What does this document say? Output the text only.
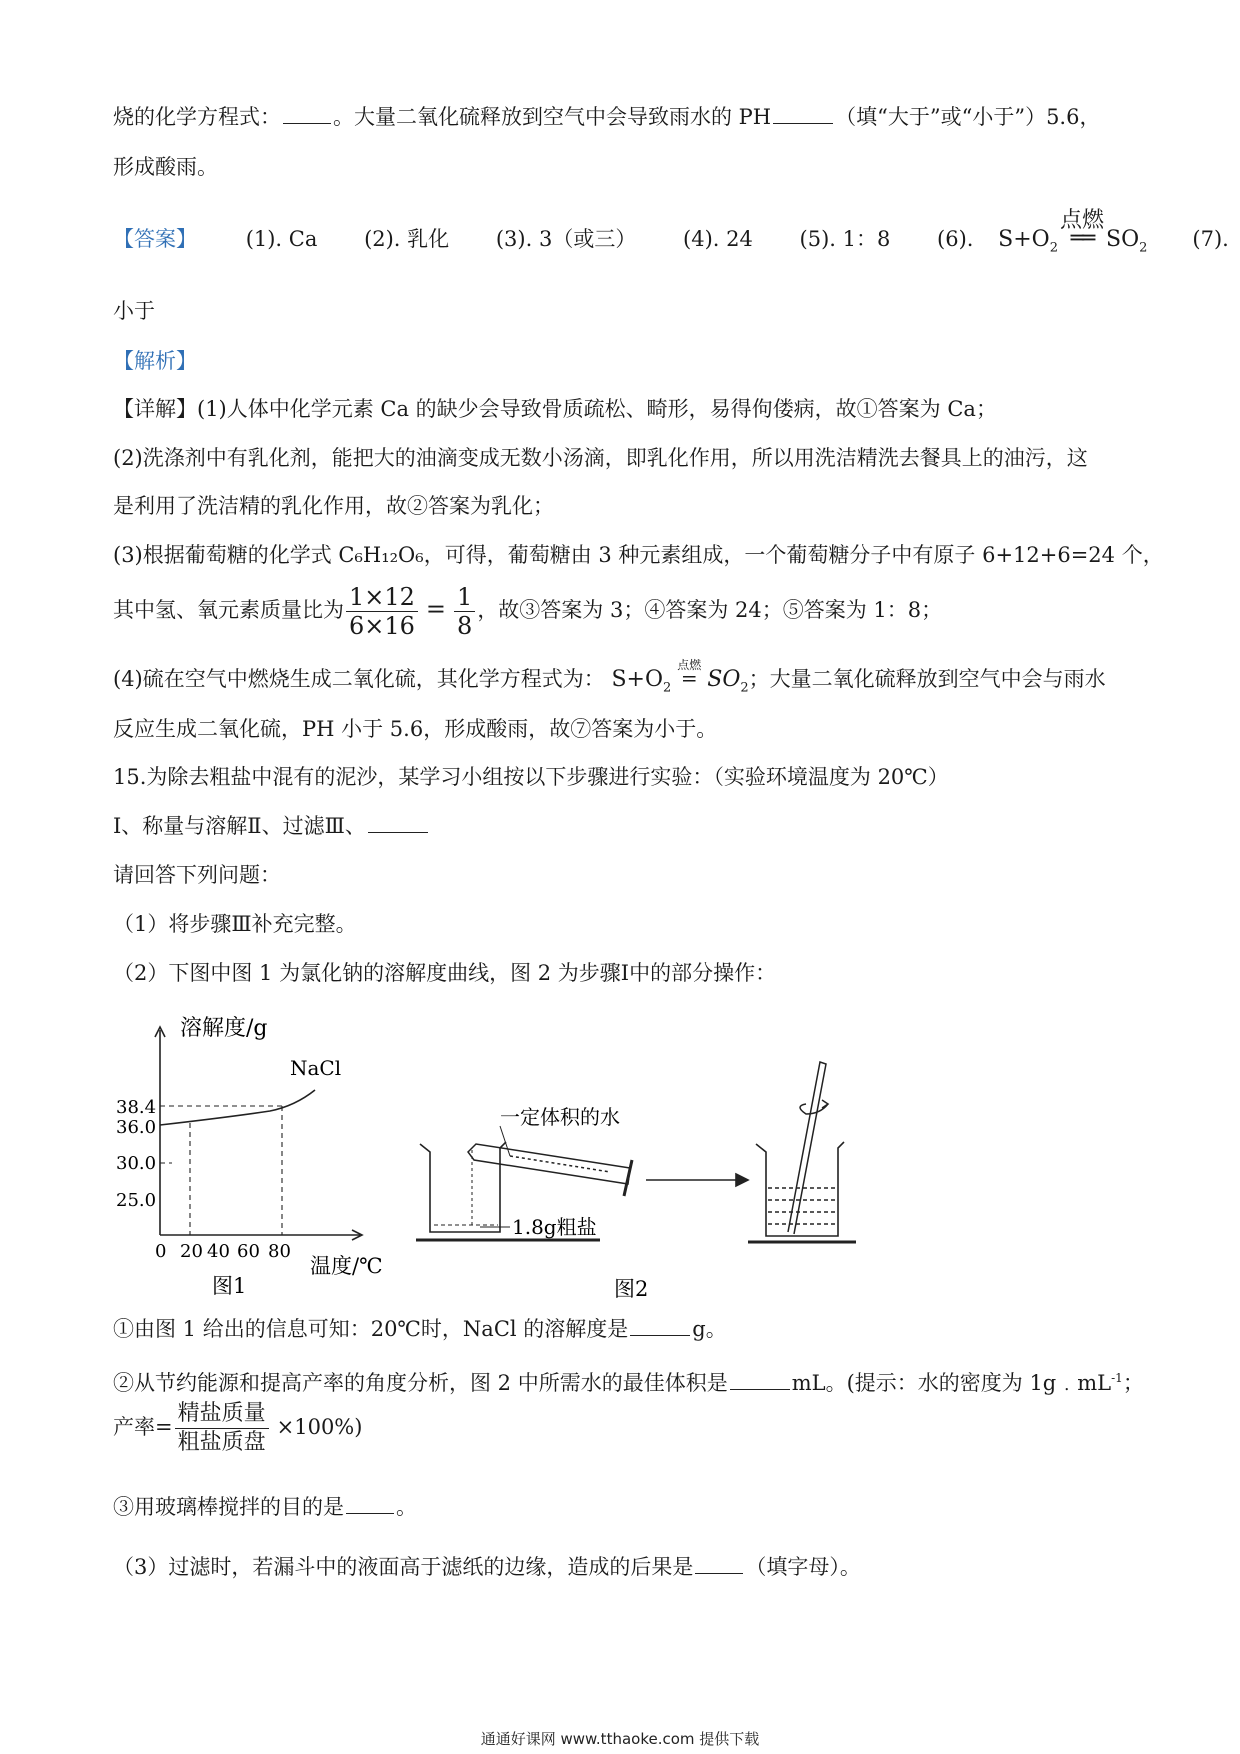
烧的化学方程式： 。大量二氧化硫释放到空气中会导致雨水的 PH	（填“大于”或“小于”）5.6，
形成酸雨。
【答案】 (1). Ca (2). 乳化 (3). 3（或三） (4). 24 (5). 1：8 (6). $S+O_2$
点燃
══ $SO_2$ (7).
小于
【解析】
【详解】(1)人体中化学元素 Ca 的缺少会导致骨质疏松、畸形，易得佝偻病，故①答案为 Ca；
(2)洗涤剂中有乳化剂，能把大的油滴变成无数小汤滴，即乳化作用，所以用洗洁精洗去餐具上的油污，这
是利用了洗洁精的乳化作用，故②答案为乳化；
(3)根据葡萄糖的化学式 C₆H₁₂O₆，可得，葡萄糖由 3 种元素组成，一个葡萄糖分子中有原子 6+12+6=24 个，
其中氢、氧元素质量比为 $\frac{1\times 12}{6\times 16} = \frac{1}{8}$ ，故③答案为 3；④答案为 24；⑤答案为 1：8；
(4)硫在空气中燃烧生成二氧化硫，其化学方程式为： $S+O_2$
点燃
= $SO_2$；大量二氧化硫释放到空气中会与雨水
反应生成二氧化硫，PH 小于 5.6，形成酸雨，故⑦答案为小于。
15.为除去粗盐中混有的泥沙，某学习小组按以下步骤进行实验：（实验环境温度为 20℃）
Ⅰ、称量与溶解Ⅱ、过滤Ⅲ、
请回答下列问题：
（1）将步骤Ⅲ补充完整。
（2）下图中图 1 为氯化钠的溶解度曲线，图 2 为步骤Ⅰ中的部分操作：
溶解度/g
NaCl
38.4
36.0
30.0
25.0
0 20 40 60 80
温度/℃
图1
一定体积的水
1.8g粗盐
图2
①由图 1 给出的信息可知：20℃时，NaCl 的溶解度是	g。
②从节约能源和提高产率的角度分析，图 2 中所需水的最佳体积是	mL。(提示：水的密度为 $1g﹒mL^{-1}$；
产率= $\frac{\text{精盐质量}}{\text{粗盐质盘}} \times 100\%$)
③用玻璃棒搅拌的目的是 。
（3）过滤时，若漏斗中的液面高于滤纸的边缘，造成的后果是 （填字母）。
通通好课网 www.tthaoke.com 提供下载
